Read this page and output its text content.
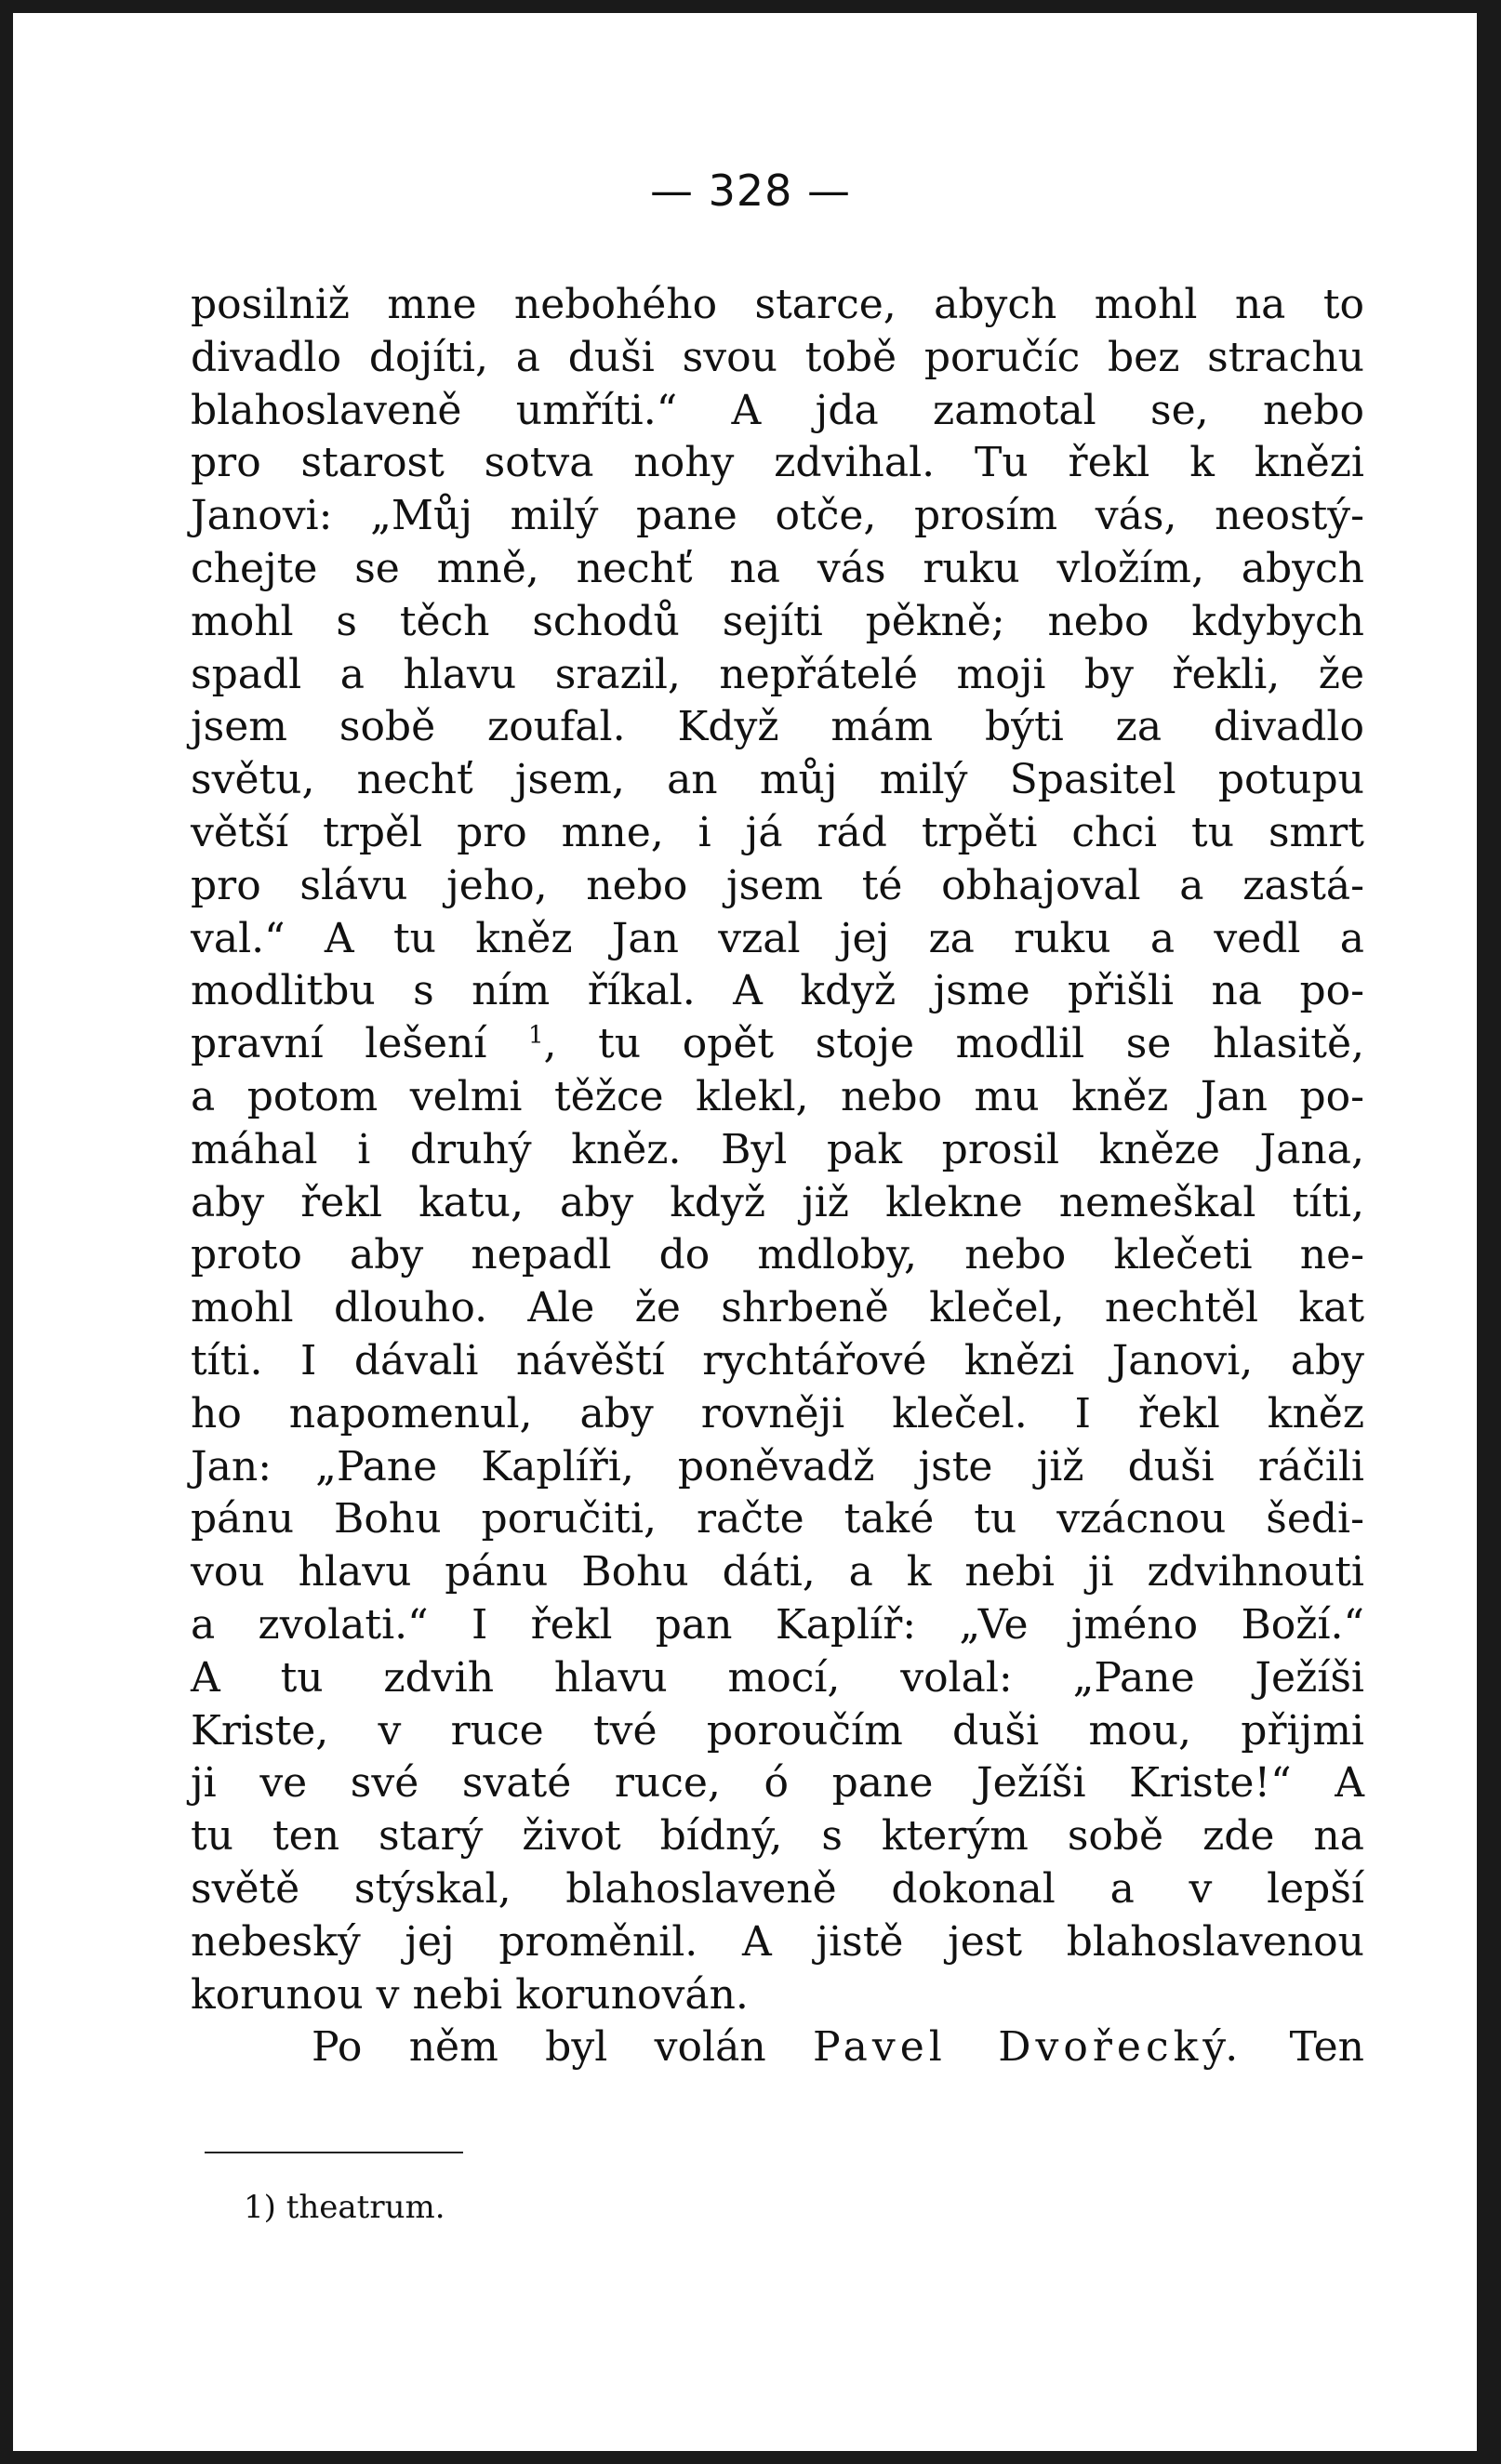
— 328 —
posilniž mne nebohého starce, abych mohl na to
divadlo dojíti, a duši svou tobě poručíc bez strachu
blahoslaveně umříti.“ A jda zamotal se, nebo
pro starost sotva nohy zdvihal. Tu řekl k knězi
Janovi: „Můj milý pane otče, prosím vás, neostý-
chejte se mně, nechť na vás ruku vložím, abych
mohl s těch schodů sejíti pěkně; nebo kdybych
spadl a hlavu srazil, nepřátelé moji by řekli, že
jsem sobě zoufal. Když mám býti za divadlo
světu, nechť jsem, an můj milý Spasitel potupu
větší trpěl pro mne, i já rád trpěti chci tu smrt
pro slávu jeho, nebo jsem té obhajoval a zastá-
val.“ A tu kněz Jan vzal jej za ruku a vedl a
modlitbu s ním říkal. A když jsme přišli na po-
pravní lešení $^1$, tu opět stoje modlil se hlasitě,
a potom velmi těžce klekl, nebo mu kněz Jan po-
máhal i druhý kněz. Byl pak prosil kněze Jana,
aby řekl katu, aby když již klekne nemeškal títi,
proto aby nepadl do mdloby, nebo klečeti ne-
mohl dlouho. Ale že shrbeně klečel, nechtěl kat
títi. I dávali návěští rychtářové knězi Janovi, aby
ho napomenul, aby rovněji klečel. I řekl kněz
Jan: „Pane Kaplíři, poněvadž jste již duši ráčili
pánu Bohu poručiti, račte také tu vzácnou šedi-
vou hlavu pánu Bohu dáti, a k nebi ji zdvihnouti
a zvolati.“ I řekl pan Kaplíř: „Ve jméno Boží.“
A tu zdvih hlavu mocí, volal: „Pane Ježíši
Kriste, v ruce tvé poroučím duši mou, přijmi
ji ve své svaté ruce, ó pane Ježíši Kriste!“ A
tu ten starý život bídný, s kterým sobě zde na
světě stýskal, blahoslaveně dokonal a v lepší
nebeský jej proměnil. A jistě jest blahoslavenou
korunou v nebi korunován.
Po něm byl volán Pavel Dvořecký. Ten
1) theatrum.
